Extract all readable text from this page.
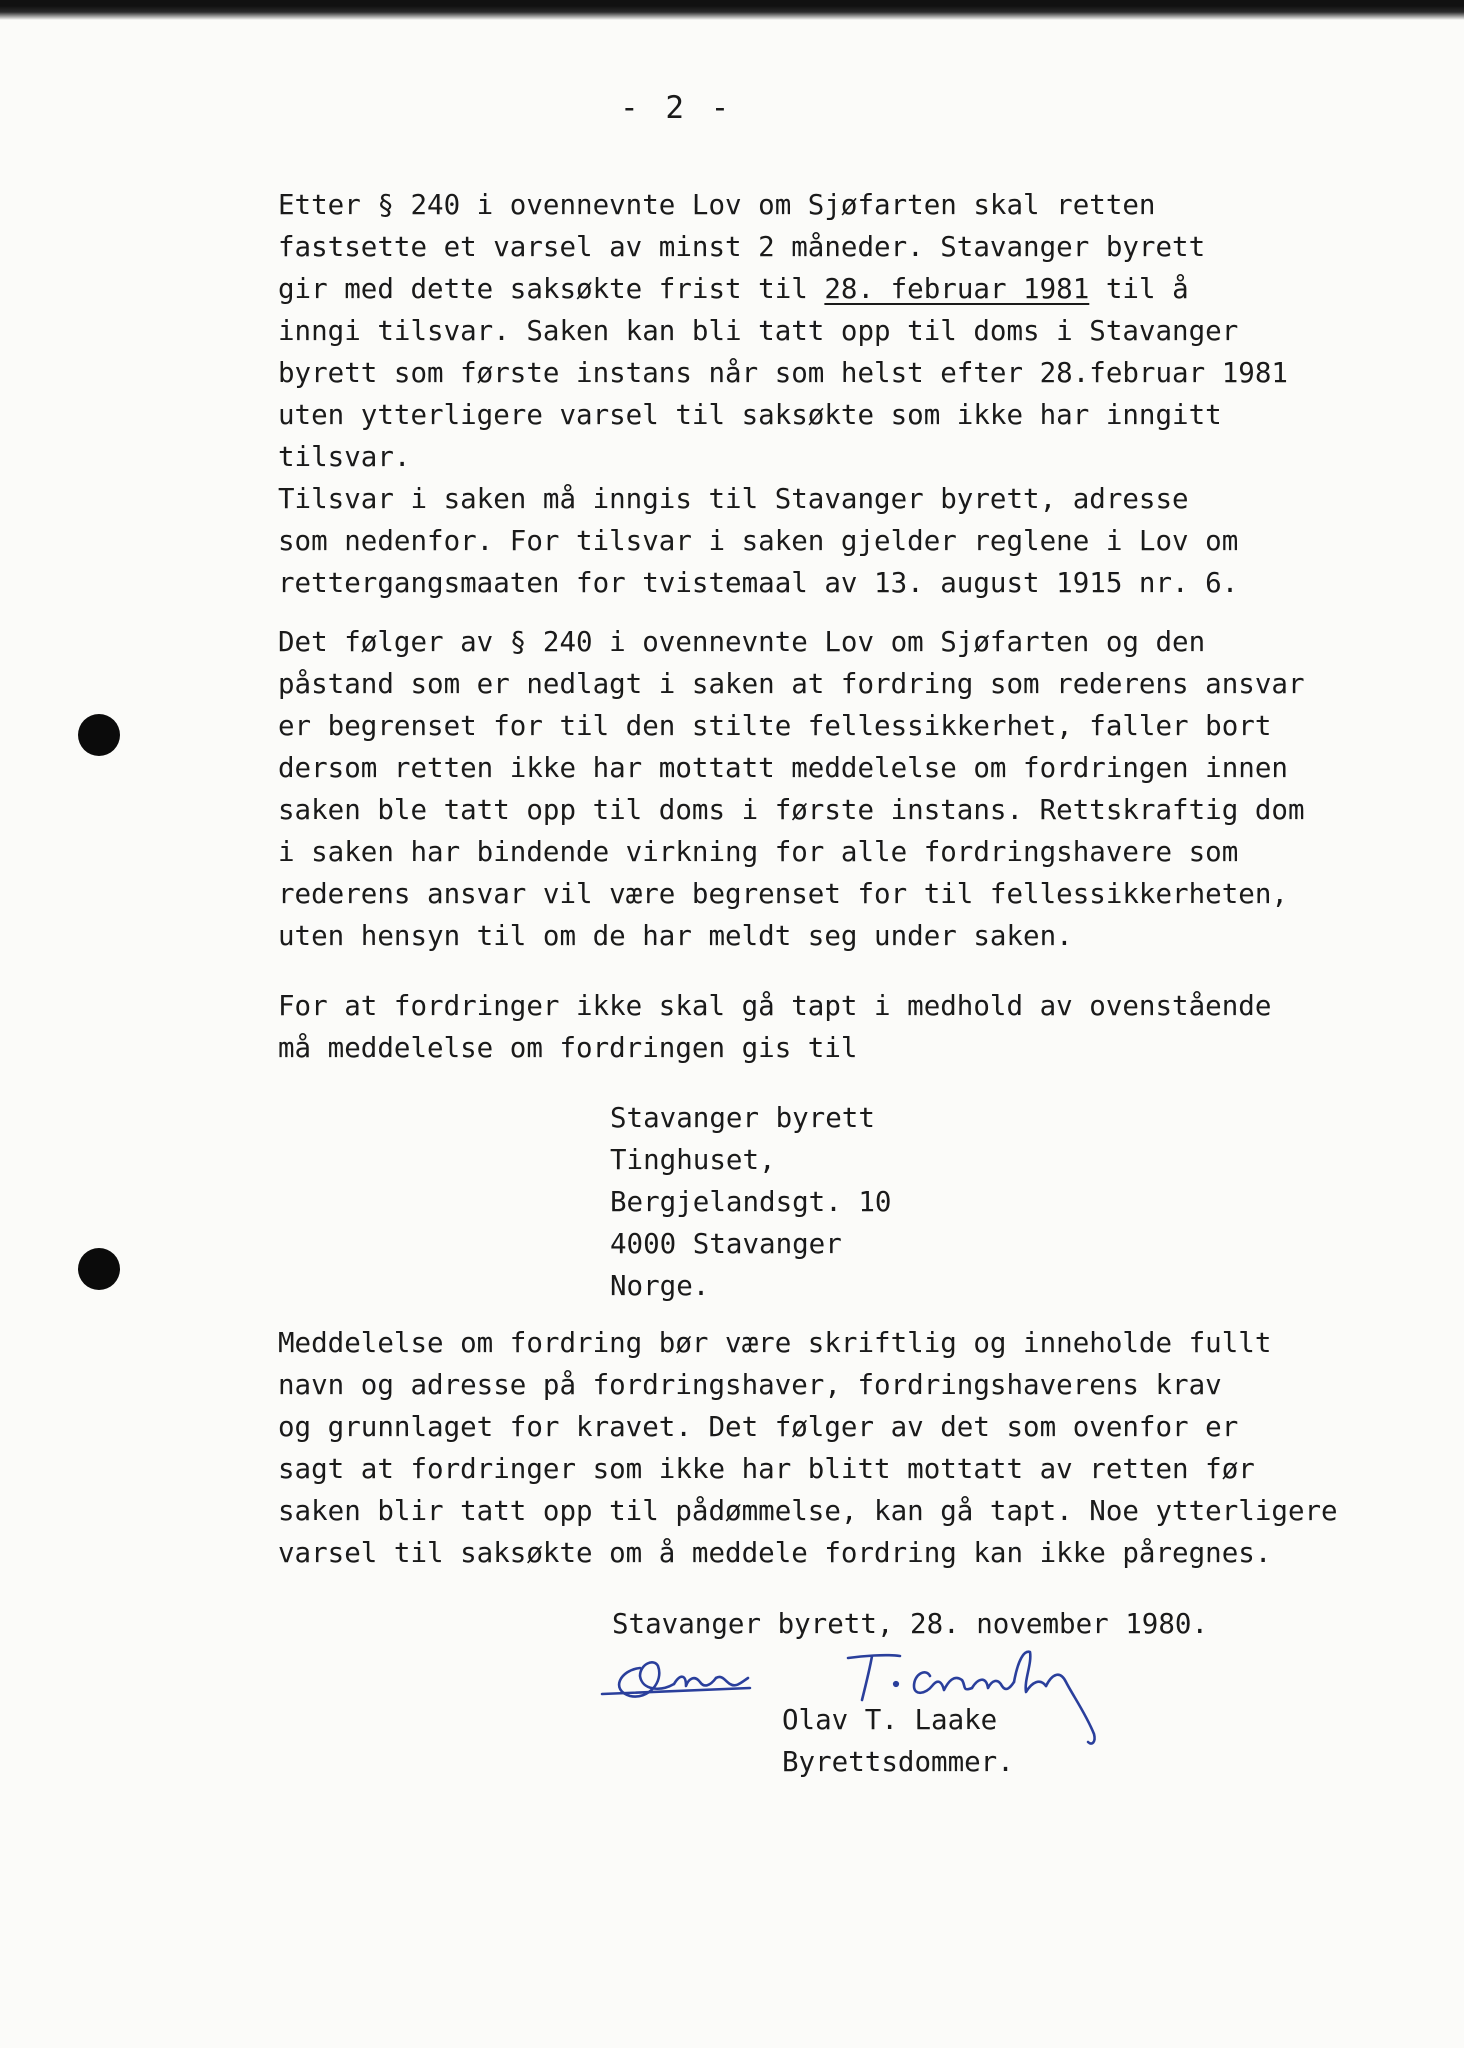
- 2 -
Etter § 240 i ovennevnte Lov om Sjøfarten skal retten
fastsette et varsel av minst 2 måneder. Stavanger byrett
gir med dette saksøkte frist til 28. februar 1981 til å
inngi tilsvar. Saken kan bli tatt opp til doms i Stavanger
byrett som første instans når som helst efter 28.februar 1981
uten ytterligere varsel til saksøkte som ikke har inngitt
tilsvar.
Tilsvar i saken må inngis til Stavanger byrett, adresse
som nedenfor. For tilsvar i saken gjelder reglene i Lov om
rettergangsmaaten for tvistemaal av 13. august 1915 nr. 6.
Det følger av § 240 i ovennevnte Lov om Sjøfarten og den
påstand som er nedlagt i saken at fordring som rederens ansvar
er begrenset for til den stilte fellessikkerhet, faller bort
dersom retten ikke har mottatt meddelelse om fordringen innen
saken ble tatt opp til doms i første instans. Rettskraftig dom
i saken har bindende virkning for alle fordringshavere som
rederens ansvar vil være begrenset for til fellessikkerheten,
uten hensyn til om de har meldt seg under saken.
For at fordringer ikke skal gå tapt i medhold av ovenstående
må meddelelse om fordringen gis til
Stavanger byrett
Tinghuset,
Bergjelandsgt. 10
4000 Stavanger
Norge.
Meddelelse om fordring bør være skriftlig og inneholde fullt
navn og adresse på fordringshaver, fordringshaverens krav
og grunnlaget for kravet. Det følger av det som ovenfor er
sagt at fordringer som ikke har blitt mottatt av retten før
saken blir tatt opp til pådømmelse, kan gå tapt. Noe ytterligere
varsel til saksøkte om å meddele fordring kan ikke påregnes.
Stavanger byrett, 28. november 1980.
Olav T. Laake
Byrettsdommer.
